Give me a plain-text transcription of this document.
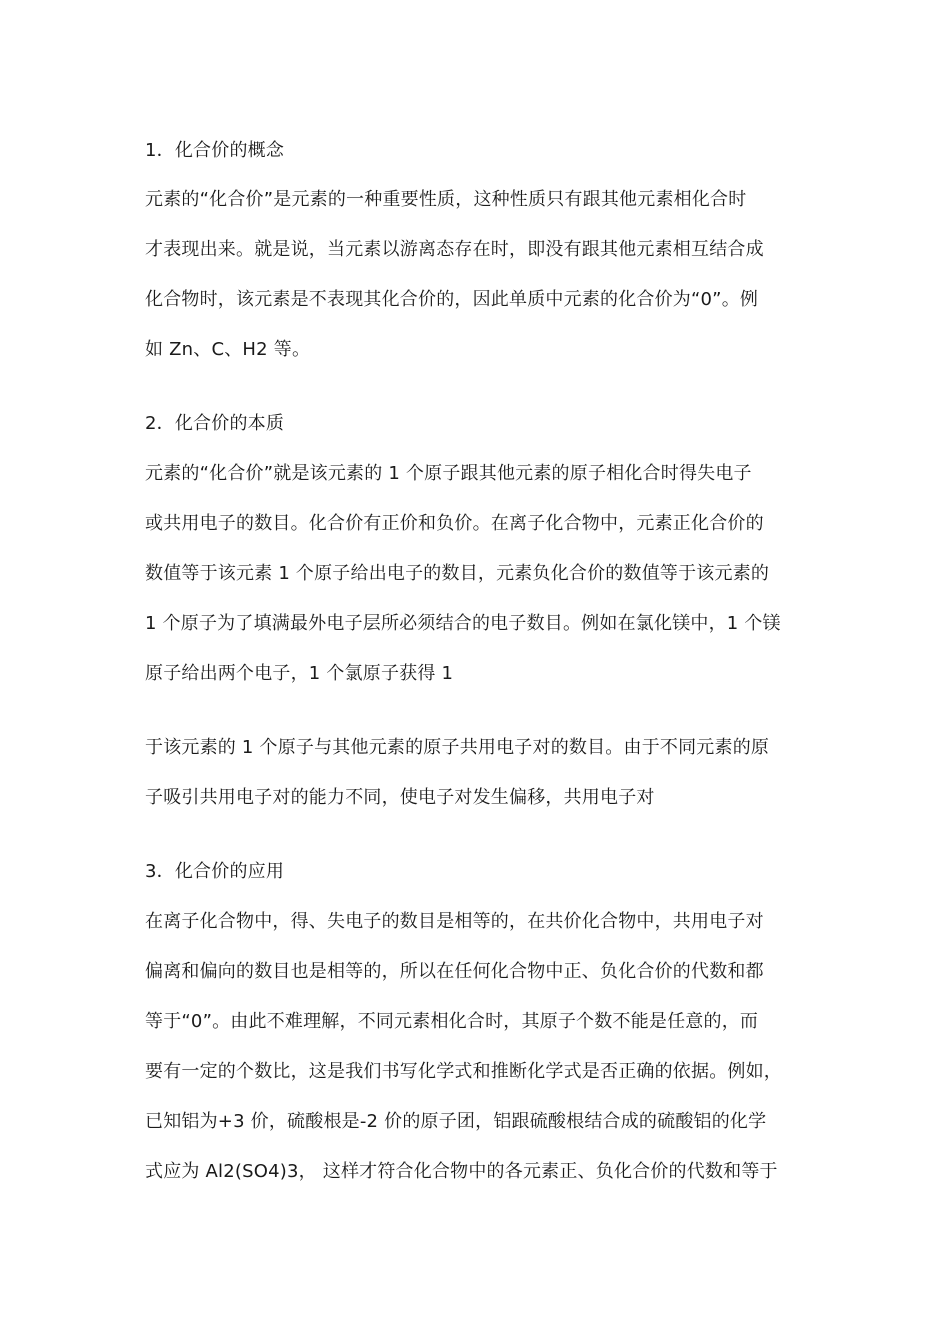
1．化合价的概念
元素的“化合价”是元素的一种重要性质，这种性质只有跟其他元素相化合时
才表现出来。就是说，当元素以游离态存在时，即没有跟其他元素相互结合成
化合物时，该元素是不表现其化合价的，因此单质中元素的化合价为“0”。例
如 Zn、C、H2 等。
2．化合价的本质
元素的“化合价”就是该元素的 1 个原子跟其他元素的原子相化合时得失电子
或共用电子的数目。化合价有正价和负价。在离子化合物中，元素正化合价的
数值等于该元素 1 个原子给出电子的数目，元素负化合价的数值等于该元素的
1 个原子为了填满最外电子层所必须结合的电子数目。例如在氯化镁中，1 个镁
原子给出两个电子，1 个氯原子获得 1
于该元素的 1 个原子与其他元素的原子共用电子对的数目。由于不同元素的原
子吸引共用电子对的能力不同，使电子对发生偏移，共用电子对
3．化合价的应用
在离子化合物中，得、失电子的数目是相等的，在共价化合物中，共用电子对
偏离和偏向的数目也是相等的，所以在任何化合物中正、负化合价的代数和都
等于“0”。由此不难理解，不同元素相化合时，其原子个数不能是任意的，而
要有一定的个数比，这是我们书写化学式和推断化学式是否正确的依据。例如，
已知铝为+3 价，硫酸根是-2 价的原子团，铝跟硫酸根结合成的硫酸铝的化学
式应为 Al2(SO4)3， 这样才符合化合物中的各元素正、负化合价的代数和等于
